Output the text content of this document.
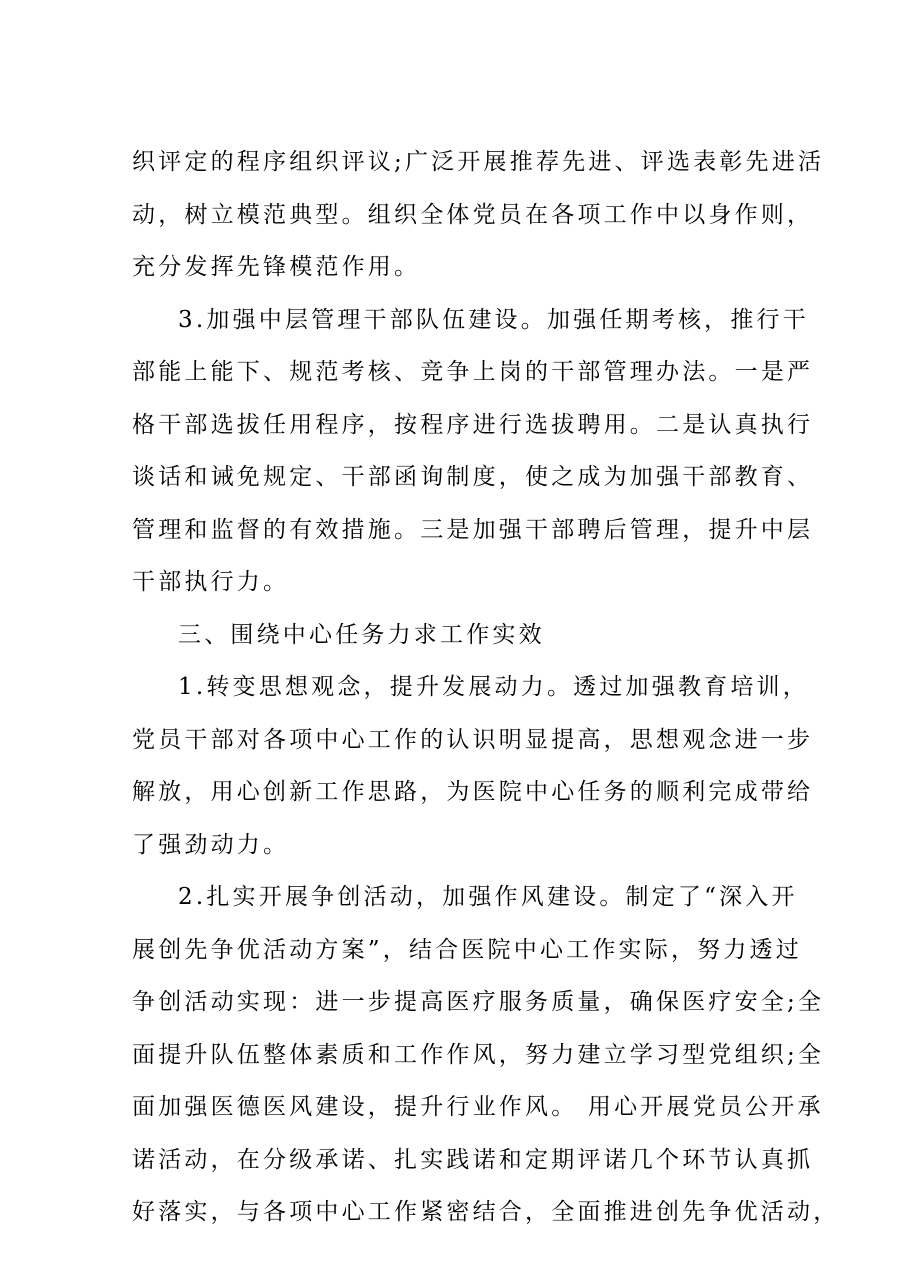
织评定的程序组织评议;广泛开展推荐先进、评选表彰先进活
动，树立模范典型。组织全体党员在各项工作中以身作则，
充分发挥先锋模范作用。
3.加强中层管理干部队伍建设。加强任期考核，推行干
部能上能下、规范考核、竞争上岗的干部管理办法。一是严
格干部选拔任用程序，按程序进行选拔聘用。二是认真执行
谈话和诫免规定、干部函询制度，使之成为加强干部教育、
管理和监督的有效措施。三是加强干部聘后管理，提升中层
干部执行力。
三、围绕中心任务力求工作实效
1.转变思想观念，提升发展动力。透过加强教育培训，
党员干部对各项中心工作的认识明显提高，思想观念进一步
解放，用心创新工作思路，为医院中心任务的顺利完成带给
了强劲动力。
2.扎实开展争创活动，加强作风建设。制定了“深入开
展创先争优活动方案”，结合医院中心工作实际，努力透过
争创活动实现：进一步提高医疗服务质量，确保医疗安全;全
面提升队伍整体素质和工作作风，努力建立学习型党组织;全
面加强医德医风建设，提升行业作风。 用心开展党员公开承
诺活动，在分级承诺、扎实践诺和定期评诺几个环节认真抓
好落实，与各项中心工作紧密结合，全面推进创先争优活动，
